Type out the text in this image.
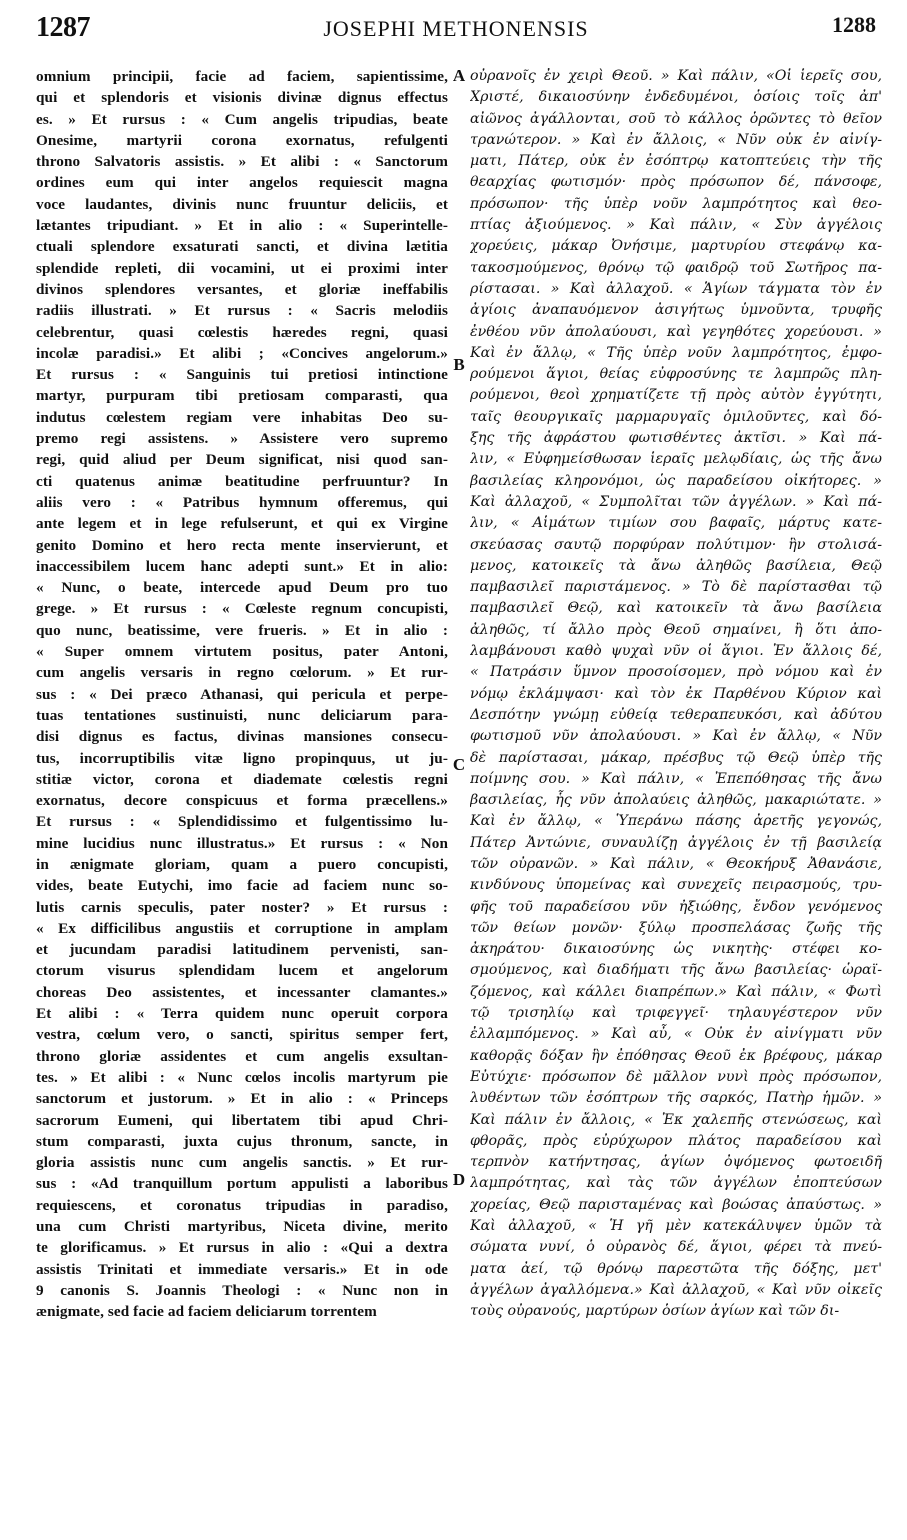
1287	JOSEPHI METHONENSIS	1288
omnium principii, facie ad faciem, sapientissime,
qui et splendoris et visionis divinæ dignus effectus
es. » Et rursus : « Cum angelis tripudias, beate
Onesime, martyrii corona exornatus, refulgenti
throno Salvatoris assistis. » Et alibi : « Sanctorum
ordines eum qui inter angelos requiescit magna
voce laudantes, divinis nunc fruuntur deliciis, et
lætantes tripudiant. » Et in alio : « Superintelle-
ctuali splendore exsaturati sancti, et divina lætitia
splendide repleti, dii vocamini, ut ei proximi inter
divinos splendores versantes, et gloriæ ineffabilis
radiis illustrati. » Et rursus : « Sacris melodiis
celebrentur, quasi cœlestis hæredes regni, quasi
incolæ paradisi.» Et alibi ; «Concives angelorum.»
Et rursus : « Sanguinis tui pretiosi intinctione
martyr, purpuram tibi pretiosam comparasti, qua
indutus cœlestem regiam vere inhabitas Deo su-
premo regi assistens. » Assistere vero supremo
regi, quid aliud per Deum significat, nisi quod san-
cti quatenus animæ beatitudine perfruuntur? In
aliis vero : « Patribus hymnum offeremus, qui
ante legem et in lege refulserunt, et qui ex Virgine
genito Domino et hero recta mente inservierunt, et
inaccessibilem lucem hanc adepti sunt.» Et in alio:
« Nunc, o beate, intercede apud Deum pro tuo
grege. » Et rursus : « Cœleste regnum concupisti,
quo nunc, beatissime, vere frueris. » Et in alio :
« Super omnem virtutem positus, pater Antoni,
cum angelis versaris in regno cœlorum. » Et rur-
sus : « Dei præco Athanasi, qui pericula et perpe-
tuas tentationes sustinuisti, nunc deliciarum para-
disi dignus es factus, divinas mansiones consecu-
tus, incorruptibilis vitæ ligno propinquus, ut ju-
stitiæ victor, corona et diademate cœlestis regni
exornatus, decore conspicuus et forma præcellens.»
Et rursus : « Splendidissimo et fulgentissimo lu-
mine lucidius nunc illustratus.» Et rursus : « Non
in ænigmate gloriam, quam a puero concupisti,
vides, beate Eutychi, imo facie ad faciem nunc so-
lutis carnis speculis, pater noster? » Et rursus :
« Ex difficilibus angustiis et corruptione in amplam
et jucundam paradisi latitudinem pervenisti, san-
ctorum visurus splendidam lucem et angelorum
choreas Deo assistentes, et incessanter clamantes.»
Et alibi : « Terra quidem nunc operuit corpora
vestra, cœlum vero, o sancti, spiritus semper fert,
throno gloriæ assidentes et cum angelis exsultan-
tes. » Et alibi : « Nunc cœlos incolis martyrum pie
sanctorum et justorum. » Et in alio : « Princeps
sacrorum Eumeni, qui libertatem tibi apud Chri-
stum comparasti, juxta cujus thronum, sancte, in
gloria assistis nunc cum angelis sanctis. » Et rur-
sus : «Ad tranquillum portum appulisti a laboribus
requiescens, et coronatus tripudias in paradiso,
una cum Christi martyribus, Niceta divine, merito
te glorificamus. » Et rursus in alio : «Qui a dextra
assistis Trinitati et immediate versaris.» Et in ode
9 canonis S. Joannis Theologi : « Nunc non in
ænigmate, sed facie ad faciem deliciarum torrentem
A
B
C
D
οὐρανοῖς ἐν χειρὶ Θεοῦ. » Καὶ πάλιν, «Οἱ ἱερεῖς σου,
Χριστέ, δικαιοσύνην ἐνδεδυμένοι, ὁσίοις τοῖς ἀπ'
αἰῶνος ἀγάλλονται, σοῦ τὸ κάλλος ὁρῶντες τὸ θεῖον
τρανώτερον. » Καὶ ἐν ἄλλοις, « Νῦν οὐκ ἐν αἰνίγ-
ματι, Πάτερ, οὐκ ἐν ἐσόπτρῳ κατοπτεύεις τὴν τῆς
θεαρχίας φωτισμόν· πρὸς πρόσωπον δέ, πάνσοφε,
πρόσωπον· τῆς ὑπὲρ νοῦν λαμπρότητος καὶ θεο-
πτίας ἀξιούμενος. » Καὶ πάλιν, « Σὺν ἀγγέλοις
χορεύεις, μάκαρ Ὀνήσιμε, μαρτυρίου στεφάνῳ κα-
τακοσμούμενος, θρόνῳ τῷ φαιδρῷ τοῦ Σωτῆρος πα-
ρίστασαι. » Καὶ ἀλλαχοῦ. « Ἁγίων τάγματα τὸν ἐν
ἀγίοις ἀναπαυόμενον ἀσιγήτως ὑμνοῦντα, τρυφῆς
ἐνθέου νῦν ἀπολαύουσι, καὶ γεγηθότες χορεύουσι. »
Καὶ ἐν ἄλλῳ, « Τῆς ὑπὲρ νοῦν λαμπρότητος, ἐμφο-
ρούμενοι ἅγιοι, θείας εὐφροσύνης τε λαμπρῶς πλη-
ρούμενοι, θεοὶ χρηματίζετε τῇ πρὸς αὐτὸν ἐγγύτητι,
ταῖς θεουργικαῖς μαρμαρυγαῖς ὁμιλοῦντες, καὶ δό-
ξης τῆς ἀφράστου φωτισθέντες ἀκτῖσι. » Καὶ πά-
λιν, « Εὐφημείσθωσαν ἱεραῖς μελῳδίαις, ὡς τῆς ἄνω
βασιλείας κληρονόμοι, ὡς παραδείσου οἰκήτορες. »
Καὶ ἀλλαχοῦ, « Συμπολῖται τῶν ἀγγέλων. » Καὶ πά-
λιν, « Αἱμάτων τιμίων σου βαφαῖς, μάρτυς κατε-
σκεύασας σαυτῷ πορφύραν πολύτιμον· ἣν στολισά-
μενος, κατοικεῖς τὰ ἄνω ἀληθῶς βασίλεια, Θεῷ
παμβασιλεῖ παριστάμενος. » Τὸ δὲ παρίστασθαι τῷ
παμβασιλεῖ Θεῷ, καὶ κατοικεῖν τὰ ἄνω βασίλεια
ἀληθῶς, τί ἄλλο πρὸς Θεοῦ σημαίνει, ἢ ὅτι ἀπο-
λαμβάνουσι καθὸ ψυχαὶ νῦν οἱ ἅγιοι. Ἐν ἄλλοις δέ,
« Πατράσιν ὕμνον προσοίσομεν, πρὸ νόμου καὶ ἐν
νόμῳ ἐκλάμψασι· καὶ τὸν ἐκ Παρθένου Κύριον καὶ
Δεσπότην γνώμῃ εὐθείᾳ τεθεραπευκόσι, καὶ ἀδύτου
φωτισμοῦ νῦν ἀπολαύουσι. » Καὶ ἐν ἄλλῳ, « Νῦν
δὲ παρίστασαι, μάκαρ, πρέσβυς τῷ Θεῷ ὑπὲρ τῆς
ποίμνης σου. » Καὶ πάλιν, « Ἐπεπόθησας τῆς ἄνω
βασιλείας, ἧς νῦν ἀπολαύεις ἀληθῶς, μακαριώτατε. »
Καὶ ἐν ἄλλῳ, « Ὑπεράνω πάσης ἀρετῆς γεγονώς,
Πάτερ Ἀντώνιε, συναυλίζῃ ἀγγέλοις ἐν τῇ βασιλείᾳ
τῶν οὐρανῶν. » Καὶ πάλιν, « Θεοκήρυξ Ἀθανάσιε,
κινδύνους ὑπομείνας καὶ συνεχεῖς πειρασμούς, τρυ-
φῆς τοῦ παραδείσου νῦν ἠξιώθης, ἔνδον γενόμενος
τῶν θείων μονῶν· ξύλῳ προσπελάσας ζωῆς τῆς
ἀκηράτου· δικαιοσύνης ὡς νικητὴς· στέφει κο-
σμούμενος, καὶ διαδήματι τῆς ἄνω βασιλείας· ὡραϊ-
ζόμενος, καὶ κάλλει διαπρέπων.» Καὶ πάλιν, « Φωτὶ
τῷ τρισηλίῳ καὶ τριφεγγεῖ· τηλαυγέστερον νῦν
ἐλλαμπόμενος. » Καὶ αὖ, « Οὐκ ἐν αἰνίγματι νῦν
καθορᾷς δόξαν ἣν ἐπόθησας Θεοῦ ἐκ βρέφους, μάκαρ
Εὐτύχιε· πρόσωπον δὲ μᾶλλον νυνὶ πρὸς πρόσωπον,
λυθέντων τῶν ἐσόπτρων τῆς σαρκός, Πατὴρ ἡμῶν. »
Καὶ πάλιν ἐν ἄλλοις, « Ἐκ χαλεπῆς στενώσεως, καὶ
φθορᾶς, πρὸς εὐρύχωρον πλάτος παραδείσου καὶ
τερπνὸν κατήντησας, ἁγίων ὀψόμενος φωτοειδῆ
λαμπρότητας, καὶ τὰς τῶν ἀγγέλων ἐποπτεύσων
χορείας, Θεῷ παρισταμένας καὶ βοώσας ἀπαύστως. »
Καὶ ἀλλαχοῦ, « Ἡ γῆ μὲν κατεκάλυψεν ὑμῶν τὰ
σώματα νυνί, ὁ οὐρανὸς δέ, ἅγιοι, φέρει τὰ πνεύ-
ματα ἀεί, τῷ θρόνῳ παρεστῶτα τῆς δόξης, μετ'
ἀγγέλων ἀγαλλόμενα.» Καὶ ἀλλαχοῦ, « Καὶ νῦν οἰκεῖς
τοὺς οὐρανούς, μαρτύρων ὁσίων ἁγίων καὶ τῶν δι-
